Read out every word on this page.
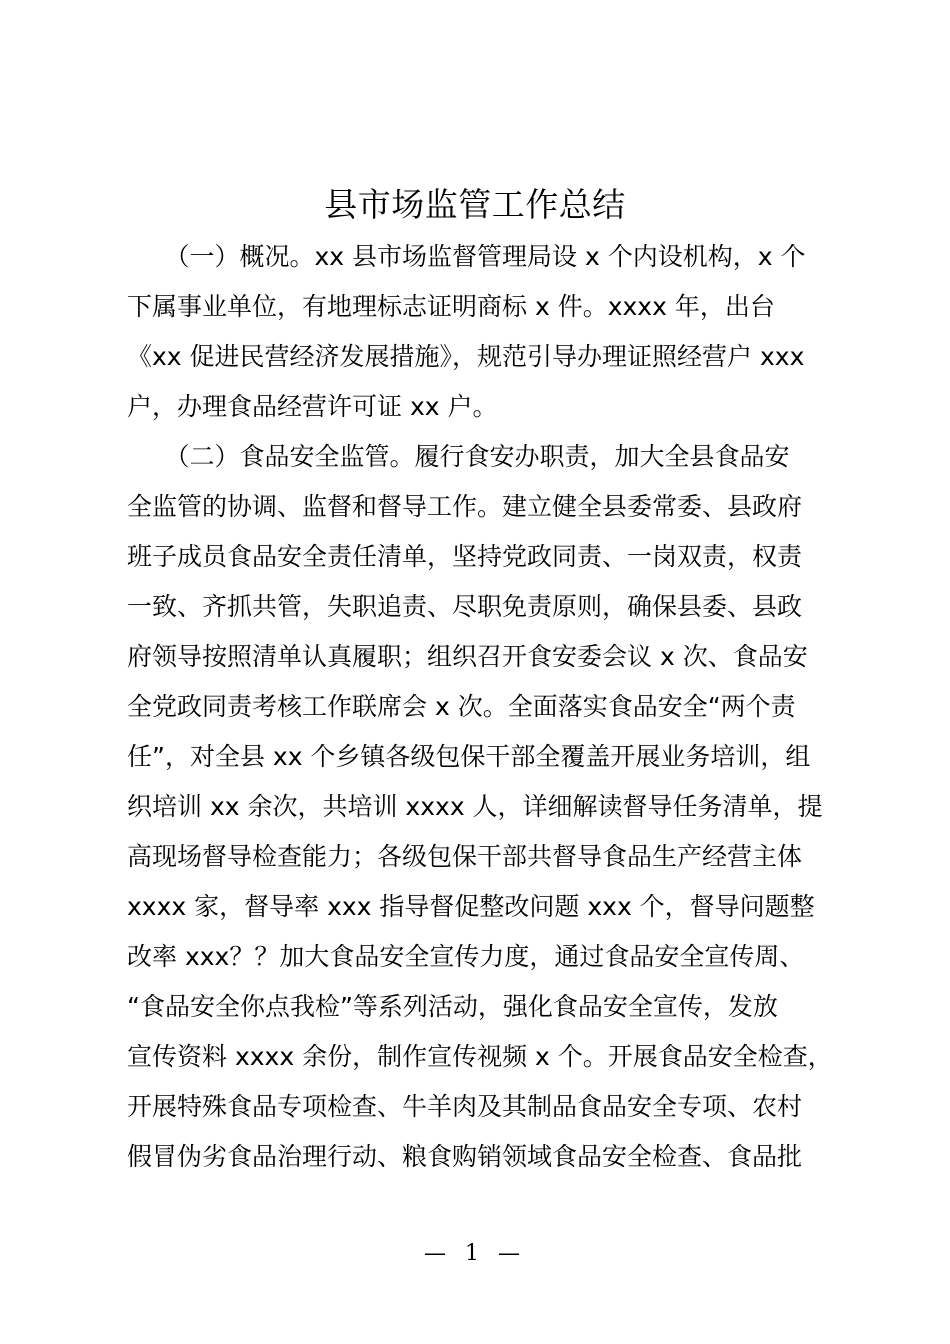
县市场监管工作总结
　　（一）概况。xx 县市场监督管理局设 x 个内设机构，x 个
下属事业单位，有地理标志证明商标 x 件。xxxx 年，出台
《xx 促进民营经济发展措施》，规范引导办理证照经营户 xxx
户，办理食品经营许可证 xx 户。
　　（二）食品安全监管。履行食安办职责，加大全县食品安
全监管的协调、监督和督导工作。建立健全县委常委、县政府
班子成员食品安全责任清单，坚持党政同责、一岗双责，权责
一致、齐抓共管，失职追责、尽职免责原则，确保县委、县政
府领导按照清单认真履职；组织召开食安委会议 x 次、食品安
全党政同责考核工作联席会 x 次。全面落实食品安全“两个责
任”，对全县 xx 个乡镇各级包保干部全覆盖开展业务培训，组
织培训 xx 余次，共培训 xxxx 人，详细解读督导任务清单，提
高现场督导检查能力；各级包保干部共督导食品生产经营主体
xxxx 家，督导率 xxx 指导督促整改问题 xxx 个，督导问题整
改率 xxx？？加大食品安全宣传力度，通过食品安全宣传周、
“食品安全你点我检”等系列活动，强化食品安全宣传，发放
宣传资料 xxxx 余份，制作宣传视频 x 个。开展食品安全检查，
开展特殊食品专项检查、牛羊肉及其制品食品安全专项、农村
假冒伪劣食品治理行动、粮食购销领域食品安全检查、食品批
— 1 —
